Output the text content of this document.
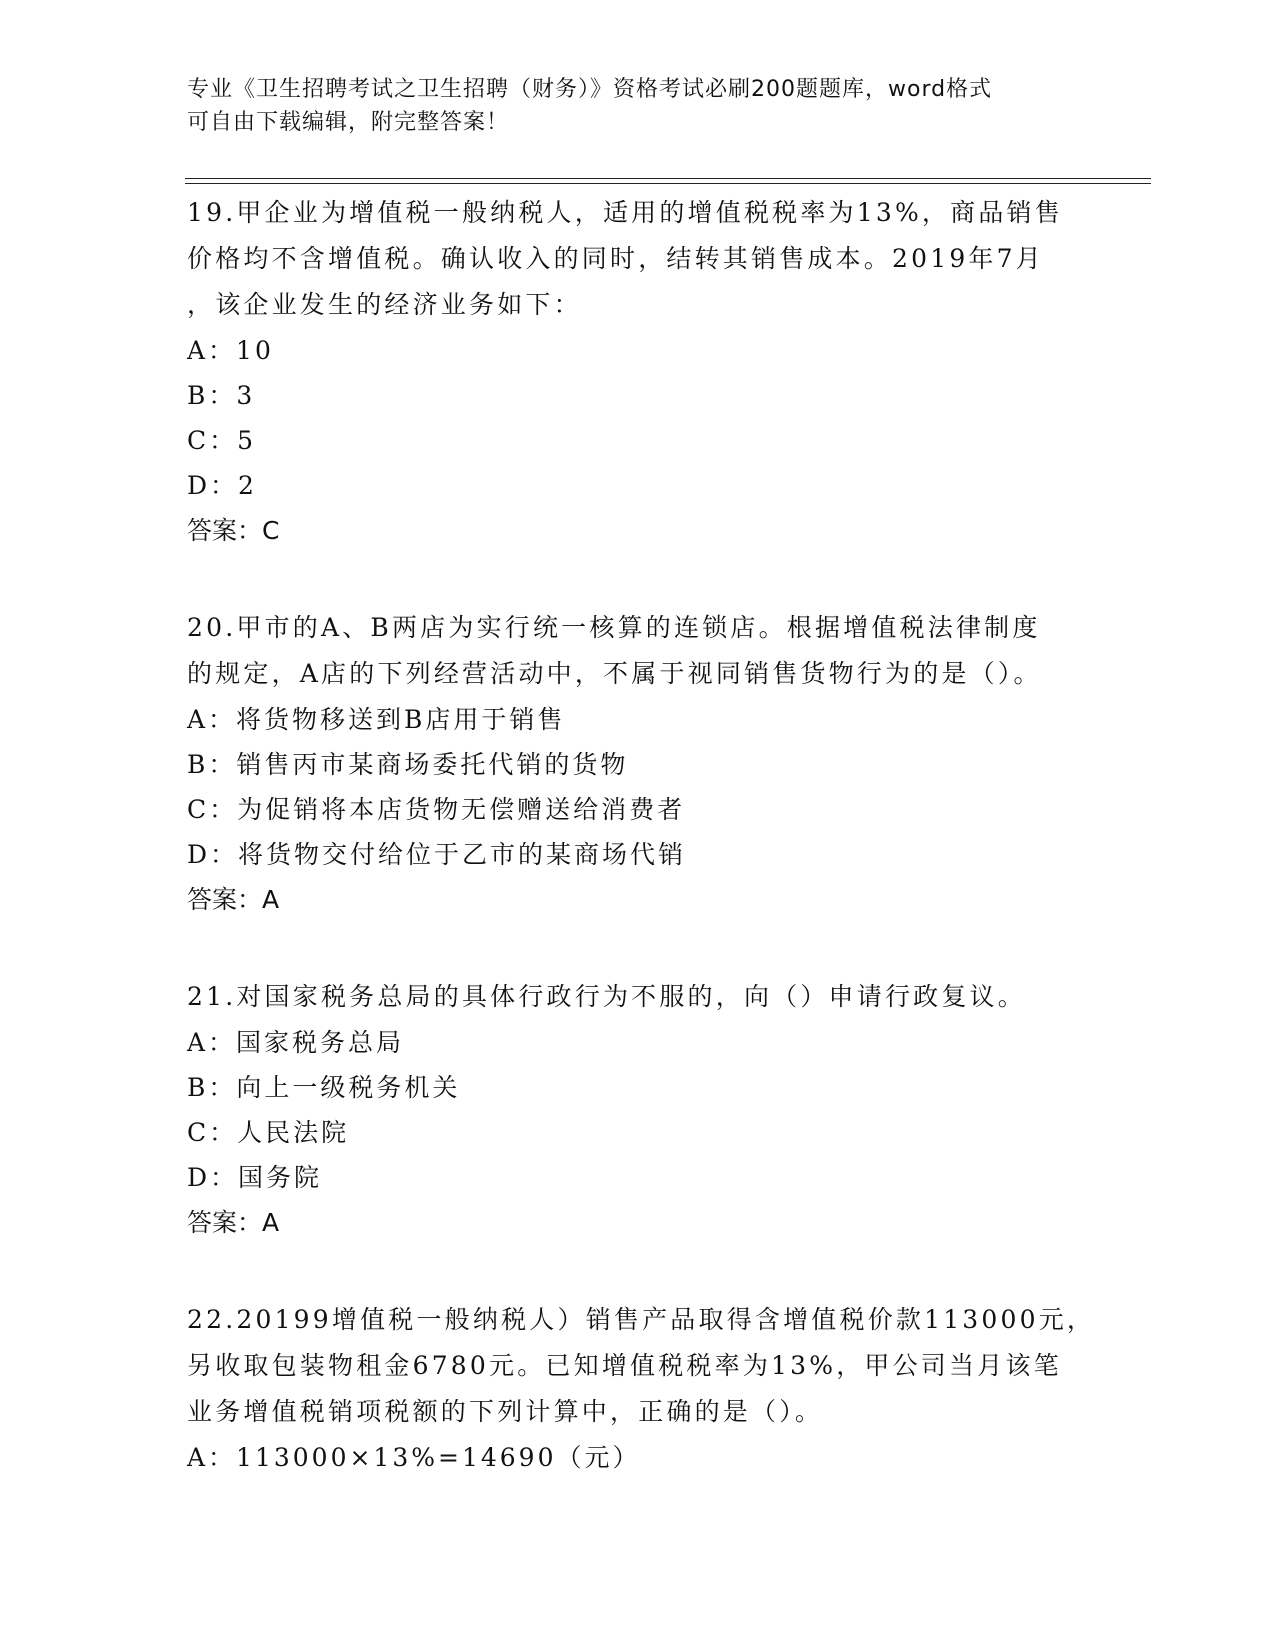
专业《卫生招聘考试之卫生招聘（财务）》资格考试必刷200题题库，word格式
可自由下载编辑，附完整答案！
19.甲企业为增值税一般纳税人，适用的增值税税率为13%，商品销售
价格均不含增值税。确认收入的同时，结转其销售成本。2019年7月
，该企业发生的经济业务如下：
A：10
B：3
C：5
D：2
答案：C
20.甲市的A、B两店为实行统一核算的连锁店。根据增值税法律制度
的规定，A店的下列经营活动中，不属于视同销售货物行为的是（）。
A：将货物移送到B店用于销售
B：销售丙市某商场委托代销的货物
C：为促销将本店货物无偿赠送给消费者
D：将货物交付给位于乙市的某商场代销
答案：A
21.对国家税务总局的具体行政行为不服的，向（）申请行政复议。
A：国家税务总局
B：向上一级税务机关
C：人民法院
D：国务院
答案：A
22.20199增值税一般纳税人）销售产品取得含增值税价款113000元，
另收取包装物租金6780元。已知增值税税率为13%，甲公司当月该笔
业务增值税销项税额的下列计算中，正确的是（）。
A：113000×13%=14690（元）
